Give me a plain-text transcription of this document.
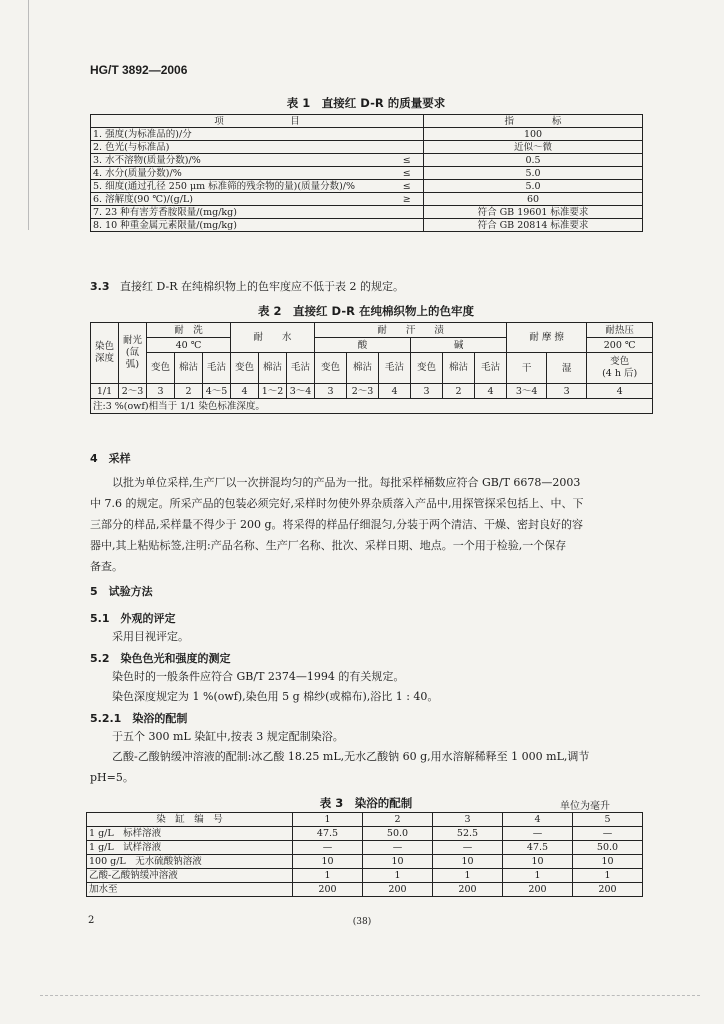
HG/T 3892—2006
表 1　直接红 D-R 的质量要求
项　　　　　　　目		指　　　　标
1. 强度(为标准品的)/分		100
2. 色光(与标准品)		近似～微
3. 水不溶物(质量分数)/%	≤	0.5
4. 水分(质量分数)/%	≤	5.0
5. 细度(通过孔径 250 μm 标准筛的残余物的量)(质量分数)/%	≤	5.0
6. 溶解度(90 ℃)/(g/L)	≥	60
7. 23 种有害芳香胺限量/(mg/kg)		符合 GB 19601 标准要求
8. 10 种重金属元素限量/(mg/kg)		符合 GB 20814 标准要求
3.3 直接红 D-R 在纯棉织物上的色牢度应不低于表 2 的规定。
表 2　直接红 D-R 在纯棉织物上的色牢度
染色深度	耐光(氙弧)	耐　洗			耐　　水			耐　　汗　　渍						耐 摩 擦		耐热压
		40 ℃						酸			碱					200 ℃
		变色	棉沾	毛沾	变色	棉沾	毛沾	变色	棉沾	毛沾	变色	棉沾	毛沾	干	湿	变色
(4 h 后)
1/1	2～3	3	2	4～5	4	1～2	3～4	3	2～3	4	3	2	4	3～4	3	4
注:3 %(owf)相当于 1/1 染色标准深度。																
4　采样

以批为单位采样,生产厂以一次拼混均匀的产品为一批。每批采样桶数应符合 GB/T 6678—2003

中 7.6 的规定。所采产品的包装必须完好,采样时勿使外界杂质落入产品中,用探管探采包括上、中、下

三部分的样品,采样量不得少于 200 g。将采得的样品仔细混匀,分装于两个清洁、干燥、密封良好的容

器中,其上粘贴标签,注明:产品名称、生产厂名称、批次、采样日期、地点。一个用于检验,一个保存

备查。

5　试验方法
5.1　外观的评定
采用目视评定。
5.2　染色色光和强度的测定
染色时的一般条件应符合 GB/T 2374—1994 的有关规定。
染色深度规定为 1 %(owf),染色用 5 g 棉纱(或棉布),浴比 1 : 40。
5.2.1　染浴的配制
于五个 300 mL 染缸中,按表 3 规定配制染浴。

乙酸-乙酸钠缓冲溶液的配制:冰乙酸 18.25 mL,无水乙酸钠 60 g,用水溶解稀释至 1 000 mL,调节

pH=5。

表 3　染浴的配制	单位为毫升
染　缸　编　号	1	2	3	4	5
1 g/L　标样溶液	47.5	50.0	52.5	—	—
1 g/L　试样溶液	—	—	—	47.5	50.0
100 g/L　无水硫酸钠溶液	10	10	10	10	10
乙酸-乙酸钠缓冲溶液	1	1	1	1	1
加水至	200	200	200	200	200
2	(38)
